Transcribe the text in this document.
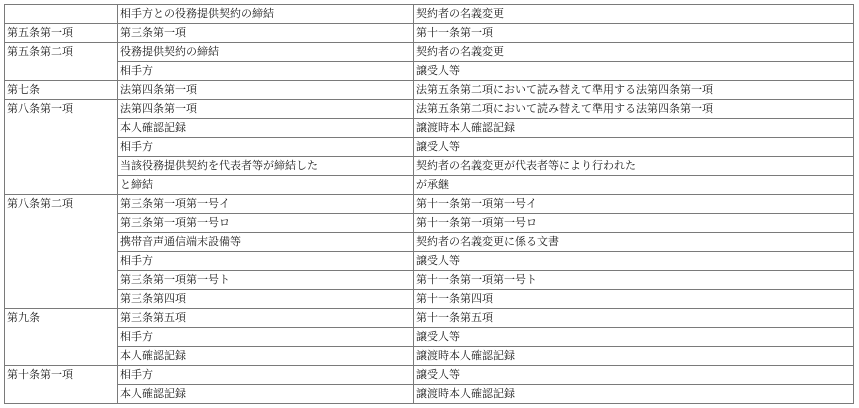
	相手方との役務提供契約の締結	契約者の名義変更
第五条第一項	第三条第一項	第十一条第一項
第五条第二項	役務提供契約の締結	契約者の名義変更
	相手方	譲受人等
第七条	法第四条第一項	法第五条第二項において読み替えて準用する法第四条第一項
第八条第一項	法第四条第一項	法第五条第二項において読み替えて準用する法第四条第一項
	本人確認記録	譲渡時本人確認記録
	相手方	譲受人等
	当該役務提供契約を代表者等が締結した	契約者の名義変更が代表者等により行われた
	と締結	が承継
第八条第二項	第三条第一項第一号イ	第十一条第一項第一号イ
	第三条第一項第一号ロ	第十一条第一項第一号ロ
	携帯音声通信端末設備等	契約者の名義変更に係る文書
	相手方	譲受人等
	第三条第一項第一号ト	第十一条第一項第一号ト
	第三条第四項	第十一条第四項
第九条	第三条第五項	第十一条第五項
	相手方	譲受人等
	本人確認記録	譲渡時本人確認記録
第十条第一項	相手方	譲受人等
	本人確認記録	譲渡時本人確認記録
